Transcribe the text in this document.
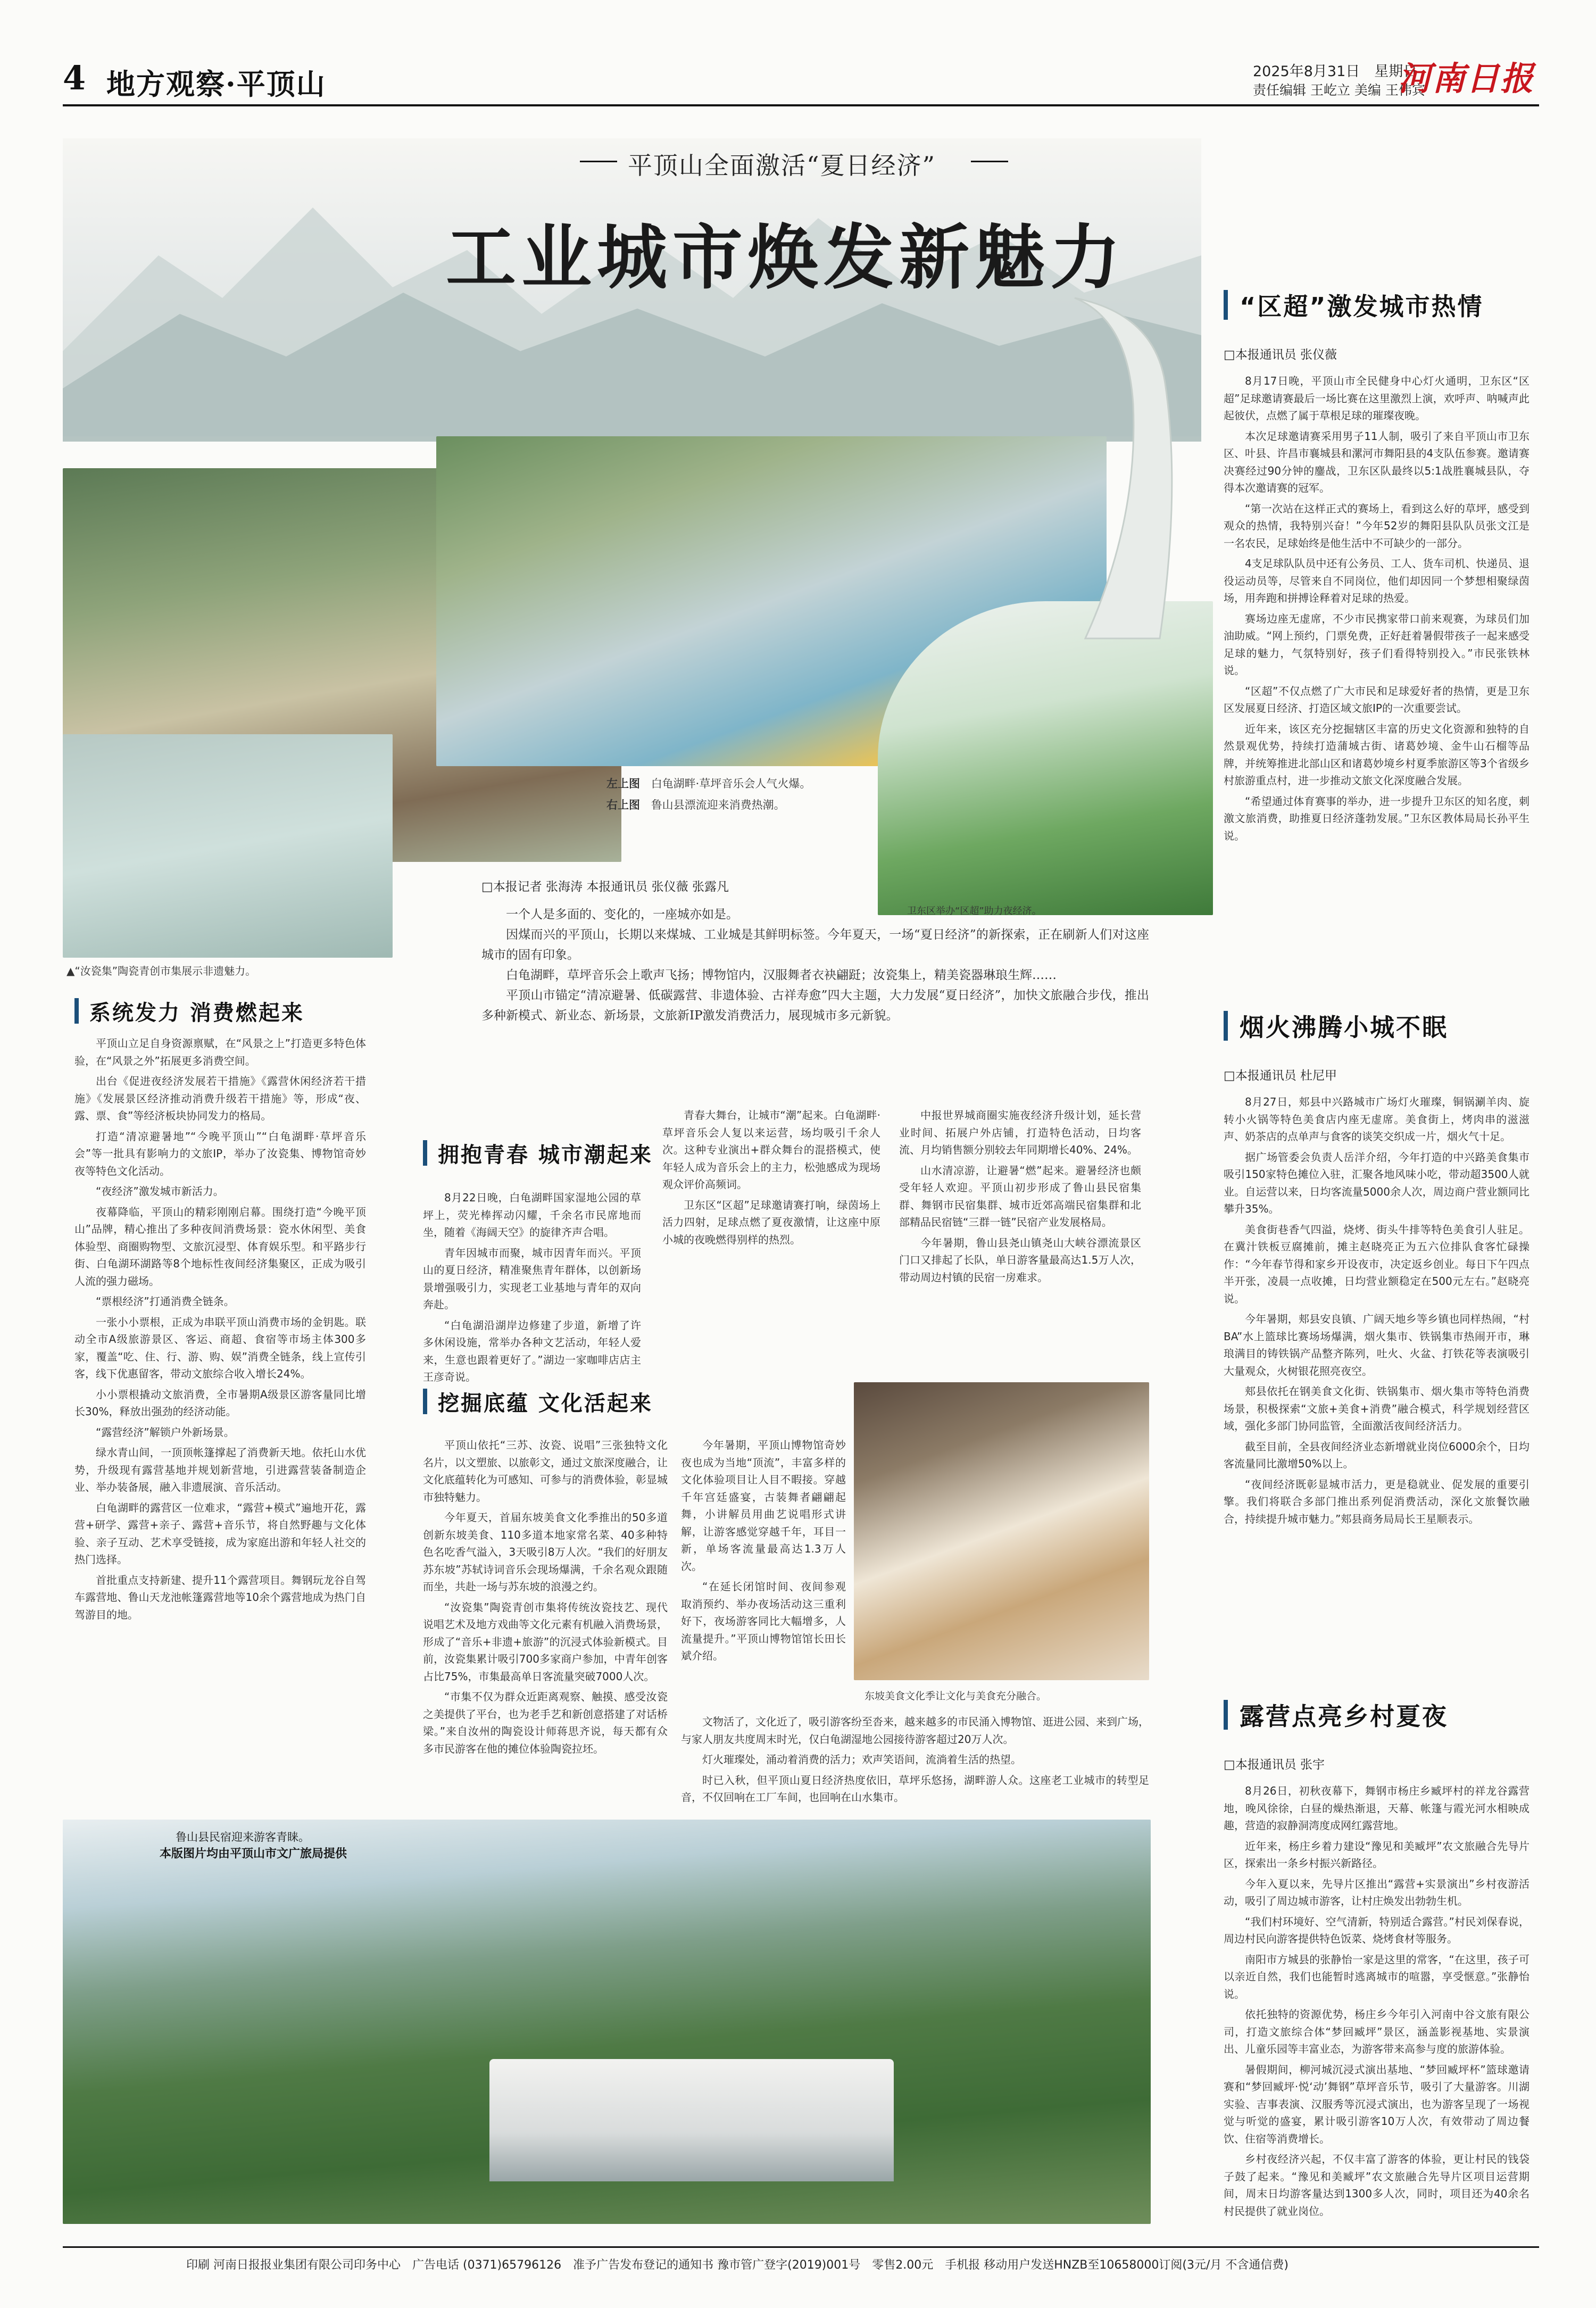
4 地方观察·平顶山	2025年8月31日　星期日
责任编辑 王屹立 美编 王伟宾
河南日报
平顶山全面激活“夏日经济”
工业城市焕发新魅力
左上图 白龟湖畔·草坪音乐会人气火爆。
右上图 鲁山县漂流迎来消费热潮。
卫东区举办“区超”助力夜经济。
▲“汝瓷集”陶瓷青创市集展示非遗魅力。
□本报记者 张海涛 本报通讯员 张仪薇 张露凡

一个人是多面的、变化的，一座城亦如是。

因煤而兴的平顶山，长期以来煤城、工业城是其鲜明标签。今年夏天，一场“夏日经济”的新探索，正在刷新人们对这座城市的固有印象。

白龟湖畔，草坪音乐会上歌声飞扬；博物馆内，汉服舞者衣袂翩跹；汝瓷集上，精美瓷器琳琅生辉……

平顶山市锚定“清凉避暑、低碳露营、非遗体验、古祥寿愈”四大主题，大力发展“夏日经济”，加快文旅融合步伐，推出多种新模式、新业态、新场景，文旅新IP激发消费活力，展现城市多元新貌。

系统发力 消费燃起来

平顶山立足自身资源禀赋，在“风景之上”打造更多特色体验，在“风景之外”拓展更多消费空间。

出台《促进夜经济发展若干措施》《露营休闲经济若干措施》《发展景区经济推动消费升级若干措施》等，形成“夜、露、票、食”等经济板块协同发力的格局。

打造“清凉避暑地”“今晚平顶山”“白龟湖畔·草坪音乐会”等一批具有影响力的文旅IP，举办了汝瓷集、博物馆奇妙夜等特色文化活动。

“夜经济”激发城市新活力。

夜幕降临，平顶山的精彩刚刚启幕。围绕打造“今晚平顶山”品牌，精心推出了多种夜间消费场景：瓷水休闲型、美食体验型、商圈购物型、文旅沉浸型、体育娱乐型。和平路步行街、白龟湖环湖路等8个地标性夜间经济集聚区，正成为吸引人流的强力磁场。

“票根经济”打通消费全链条。

一张小小票根，正成为串联平顶山消费市场的金钥匙。联动全市A级旅游景区、客运、商超、食宿等市场主体300多家，覆盖“吃、住、行、游、购、娱”消费全链条，线上宣传引客，线下优惠留客，带动文旅综合收入增长24%。

小小票根撬动文旅消费，全市暑期A级景区游客量同比增长30%，释放出强劲的经济动能。

“露营经济”解锁户外新场景。

绿水青山间，一顶顶帐篷撑起了消费新天地。依托山水优势，升级现有露营基地并规划新营地，引进露营装备制造企业、举办装备展，融入非遗展演、音乐活动。

白龟湖畔的露营区一位难求，“露营+模式”遍地开花，露营+研学、露营+亲子、露营+音乐节，将自然野趣与文化体验、亲子互动、艺术享受链接，成为家庭出游和年轻人社交的热门选择。

首批重点支持新建、提升11个露营项目。舞钢玩龙谷自驾车露营地、鲁山天龙池帐篷露营地等10余个露营地成为热门自驾游目的地。

拥抱青春 城市潮起来

8月22日晚，白龟湖畔国家湿地公园的草坪上，荧光棒挥动闪耀，千余名市民席地而坐，随着《海阔天空》的旋律齐声合唱。

青年因城市而聚，城市因青年而兴。平顶山的夏日经济，精准聚焦青年群体，以创新场景增强吸引力，实现老工业基地与青年的双向奔赴。

“白龟湖沿湖岸边修建了步道，新增了许多休闲设施，常举办各种文艺活动，年轻人爱来，生意也跟着更好了。”湖边一家咖啡店店主王彦奇说。

青春大舞台，让城市“潮”起来。白龟湖畔·草坪音乐会人复以来运营，场均吸引千余人次。这种专业演出+群众舞台的混搭模式，使年轻人成为音乐会上的主力，松弛感成为现场观众评价高频词。

卫东区“区超”足球邀请赛打响，绿茵场上活力四射，足球点燃了夏夜激情，让这座中原小城的夜晚燃得别样的热烈。

中报世界城商圈实施夜经济升级计划，延长营业时间、拓展户外店铺，打造特色活动，日均客流、月均销售额分别较去年同期增长40%、24%。

山水清凉游，让避暑“燃”起来。避暑经济也颇受年轻人欢迎。平顶山初步形成了鲁山县民宿集群、舞钢市民宿集群、城市近郊高端民宿集群和北部精品民宿链“三群一链”民宿产业发展格局。

今年暑期，鲁山县尧山镇尧山大峡谷漂流景区门口又排起了长队，单日游客量最高达1.5万人次，带动周边村镇的民宿一房难求。

挖掘底蕴 文化活起来

平顶山依托“三苏、汝瓷、说唱”三张独特文化名片，以文塑旅、以旅彰文，通过文旅深度融合，让文化底蕴转化为可感知、可参与的消费体验，彰显城市独特魅力。

今年夏天，首届东坡美食文化季推出的50多道创新东坡美食、110多道本地家常名菜、40多种特色名吃香气溢入，3天吸引8万人次。“我们的好朋友苏东坡”苏轼诗词音乐会现场爆满，千余名观众跟随而坐，共赴一场与苏东坡的浪漫之约。

“汝瓷集”陶瓷青创市集将传统汝瓷技艺、现代说唱艺术及地方戏曲等文化元素有机融入消费场景，形成了“音乐+非遗+旅游”的沉浸式体验新模式。目前，汝瓷集累计吸引700多家商户参加，中青年创客占比75%，市集最高单日客流量突破7000人次。

“市集不仅为群众近距离观察、触摸、感受汝瓷之美提供了平台，也为老手艺和新创意搭建了对话桥梁。”来自汝州的陶瓷设计师蒋思齐说，每天都有众多市民游客在他的摊位体验陶瓷拉坯。

今年暑期，平顶山博物馆奇妙夜也成为当地“顶流”，丰富多样的文化体验项目让人目不暇接。穿越千年宫廷盛宴，古装舞者翩翩起舞，小讲解员用曲艺说唱形式讲解，让游客感觉穿越千年，耳目一新，单场客流量最高达1.3万人次。

“在延长闭馆时间、夜间参观取消预约、举办夜场活动这三重利好下，夜场游客同比大幅增多，人流量提升。”平顶山博物馆馆长田长斌介绍。

东坡美食文化季让文化与美食充分融合。

文物活了，文化近了，吸引游客纷至沓来，越来越多的市民涌入博物馆、逛进公园、来到广场，与家人朋友共度周末时光，仅白龟湖湿地公园接待游客超过20万人次。

灯火璀璨处，涌动着消费的活力；欢声笑语间，流淌着生活的热望。

时已入秋，但平顶山夏日经济热度依旧，草坪乐悠扬，湖畔游人众。这座老工业城市的转型足音，不仅回响在工厂车间，也回响在山水集市。

鲁山县民宿迎来游客青睐。
本版图片均由平顶山市文广旅局提供
“区超”激发城市热情
□本报通讯员 张仪薇

8月17日晚，平顶山市全民健身中心灯火通明，卫东区“区超”足球邀请赛最后一场比赛在这里激烈上演，欢呼声、呐喊声此起彼伏，点燃了属于草根足球的璀璨夜晚。

本次足球邀请赛采用男子11人制，吸引了来自平顶山市卫东区、叶县、许昌市襄城县和漯河市舞阳县的4支队伍参赛。邀请赛决赛经过90分钟的鏖战，卫东区队最终以5:1战胜襄城县队，夺得本次邀请赛的冠军。

“第一次站在这样正式的赛场上，看到这么好的草坪，感受到观众的热情，我特别兴奋！”今年52岁的舞阳县队队员张文江是一名农民，足球始终是他生活中不可缺少的一部分。

4支足球队队员中还有公务员、工人、货车司机、快递员、退役运动员等，尽管来自不同岗位，他们却因同一个梦想相聚绿茵场，用奔跑和拼搏诠释着对足球的热爱。

赛场边座无虚席，不少市民携家带口前来观赛，为球员们加油助威。“网上预约，门票免费，正好赶着暑假带孩子一起来感受足球的魅力，气氛特别好，孩子们看得特别投入。”市民张铁林说。

“区超”不仅点燃了广大市民和足球爱好者的热情，更是卫东区发展夏日经济、打造区域文旅IP的一次重要尝试。

近年来，该区充分挖掘辖区丰富的历史文化资源和独特的自然景观优势，持续打造蒲城古街、诸葛妙境、金牛山石榴等品牌，并统筹推进北部山区和诸葛妙境乡村夏季旅游区等3个省级乡村旅游重点村，进一步推动文旅文化深度融合发展。

“希望通过体育赛事的举办，进一步提升卫东区的知名度，刺激文旅消费，助推夏日经济蓬勃发展。”卫东区教体局局长孙平生说。

烟火沸腾小城不眠
□本报通讯员 杜尼甲

8月27日，郏县中兴路城市广场灯火璀璨，铜锅涮羊肉、旋转小火锅等特色美食店内座无虚席。美食街上，烤肉串的滋滋声、奶茶店的点单声与食客的谈笑交织成一片，烟火气十足。

据广场管委会负责人岳洋介绍，今年打造的中兴路美食集市吸引150家特色摊位入驻，汇聚各地风味小吃，带动超3500人就业。自运营以来，日均客流量5000余人次，周边商户营业额同比攀升35%。

美食街巷香气四溢，烧烤、街头牛排等特色美食引人驻足。在冀汁铁板豆腐摊前，摊主赵晓亮正为五六位排队食客忙碌操作：“今年春节得和家乡开设夜市，决定返乡创业。每日下午四点半开张，凌晨一点收摊，日均营业额稳定在500元左右。”赵晓亮说。

今年暑期，郏县安良镇、广阔天地乡等乡镇也同样热闹，“村BA”水上篮球比赛场场爆满，烟火集市、铁锅集市热闹开市，琳琅满目的铸铁锅产品整齐陈列，吐火、火盆、打铁花等表演吸引大量观众，火树银花照亮夜空。

郏县依托在钢美食文化街、铁锅集市、烟火集市等特色消费场景，积极探索“文旅+美食+消费”融合模式，科学规划经营区域，强化多部门协同监管，全面激活夜间经济活力。

截至目前，全县夜间经济业态新增就业岗位6000余个，日均客流量同比激增50%以上。

“夜间经济既彰显城市活力，更是稳就业、促发展的重要引擎。我们将联合多部门推出系列促消费活动，深化文旅餐饮融合，持续提升城市魅力。”郏县商务局局长王星顺表示。

露营点亮乡村夏夜
□本报通讯员 张宇

8月26日，初秋夜幕下，舞钢市杨庄乡臧坪村的祥龙谷露营地，晚风徐徐，白昼的燥热渐退，天幕、帐篷与霞光河水相映成趣，营造的寂静洞湾度成网红露营地。

近年来，杨庄乡着力建设“豫见和美臧坪”农文旅融合先导片区，探索出一条乡村振兴新路径。

今年入夏以来，先导片区推出“露营+实景演出”乡村夜游活动，吸引了周边城市游客，让村庄焕发出勃勃生机。

“我们村环境好、空气清新，特别适合露营。”村民刘保春说，周边村民向游客提供特色饭菜、烧烤食材等服务。

南阳市方城县的张静怡一家是这里的常客，“在这里，孩子可以亲近自然，我们也能暂时逃离城市的喧嚣，享受惬意。”张静怡说。

依托独特的资源优势，杨庄乡今年引入河南中谷文旅有限公司，打造文旅综合体“梦回臧坪”景区，涵盖影视基地、实景演出、儿童乐园等丰富业态，为游客带来高参与度的旅游体验。

暑假期间，柳河城沉浸式演出基地、“梦回臧坪杯”篮球邀请赛和“梦回臧坪·悦‘动’舞钢”草坪音乐节，吸引了大量游客。川湖实验、吉事表演、汉服秀等沉浸式演出，也为游客呈现了一场视觉与听觉的盛宴，累计吸引游客10万人次，有效带动了周边餐饮、住宿等消费增长。

乡村夜经济兴起，不仅丰富了游客的体验，更让村民的钱袋子鼓了起来。“豫见和美臧坪”农文旅融合先导片区项目运营期间，周末日均游客量达到1300多人次，同时，项目还为40余名村民提供了就业岗位。

印刷 河南日报报业集团有限公司印务中心　广告电话 (0371)65796126　准予广告发布登记的通知书 豫市管广登字(2019)001号　零售2.00元　手机报 移动用户发送HNZB至10658000订阅(3元/月 不含通信费)
